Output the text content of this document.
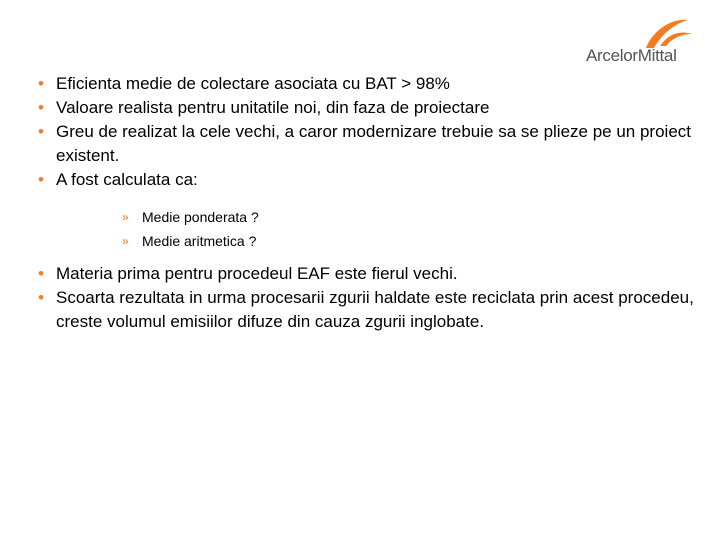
ArcelorMittal
• Eficienta medie de colectare asociata cu BAT > 98%
• Valoare realista pentru unitatile noi, din faza de proiectare
• Greu de realizat la cele vechi, a caror modernizare trebuie sa se plieze pe un proiect existent.
• A fost calculata ca:
» Medie ponderata ?
» Medie aritmetica ?
• Materia prima pentru procedeul EAF este fierul vechi.
• Scoarta rezultata in urma procesarii zgurii haldate este reciclata prin acest procedeu, creste volumul emisiilor difuze din cauza zgurii inglobate.
